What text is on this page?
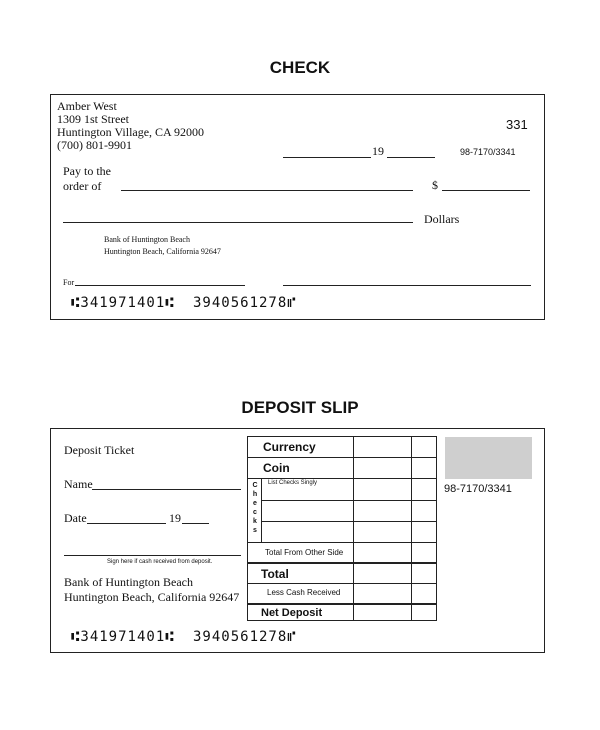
CHECK
Amber West
1309 1st Street
Huntington Village, CA 92000
(700) 801-9901
331
19	98-7170/3341
Pay to the
order of	$
Dollars
Bank of Huntington Beach
Huntington Beach, California 92647
For
⑆341971401⑆ 3940561278⑈
DEPOSIT SLIP
Deposit Ticket
Name
Date	19
Sign here if cash received from deposit.
Bank of Huntington Beach
Huntington Beach, California 92647
⑆341971401⑆ 3940561278⑈
98-7170/3341
Currency
Coin
C
h
e
c
k
s
List Checks Singly
Total From Other Side
Total
Less Cash Received
Net Deposit
